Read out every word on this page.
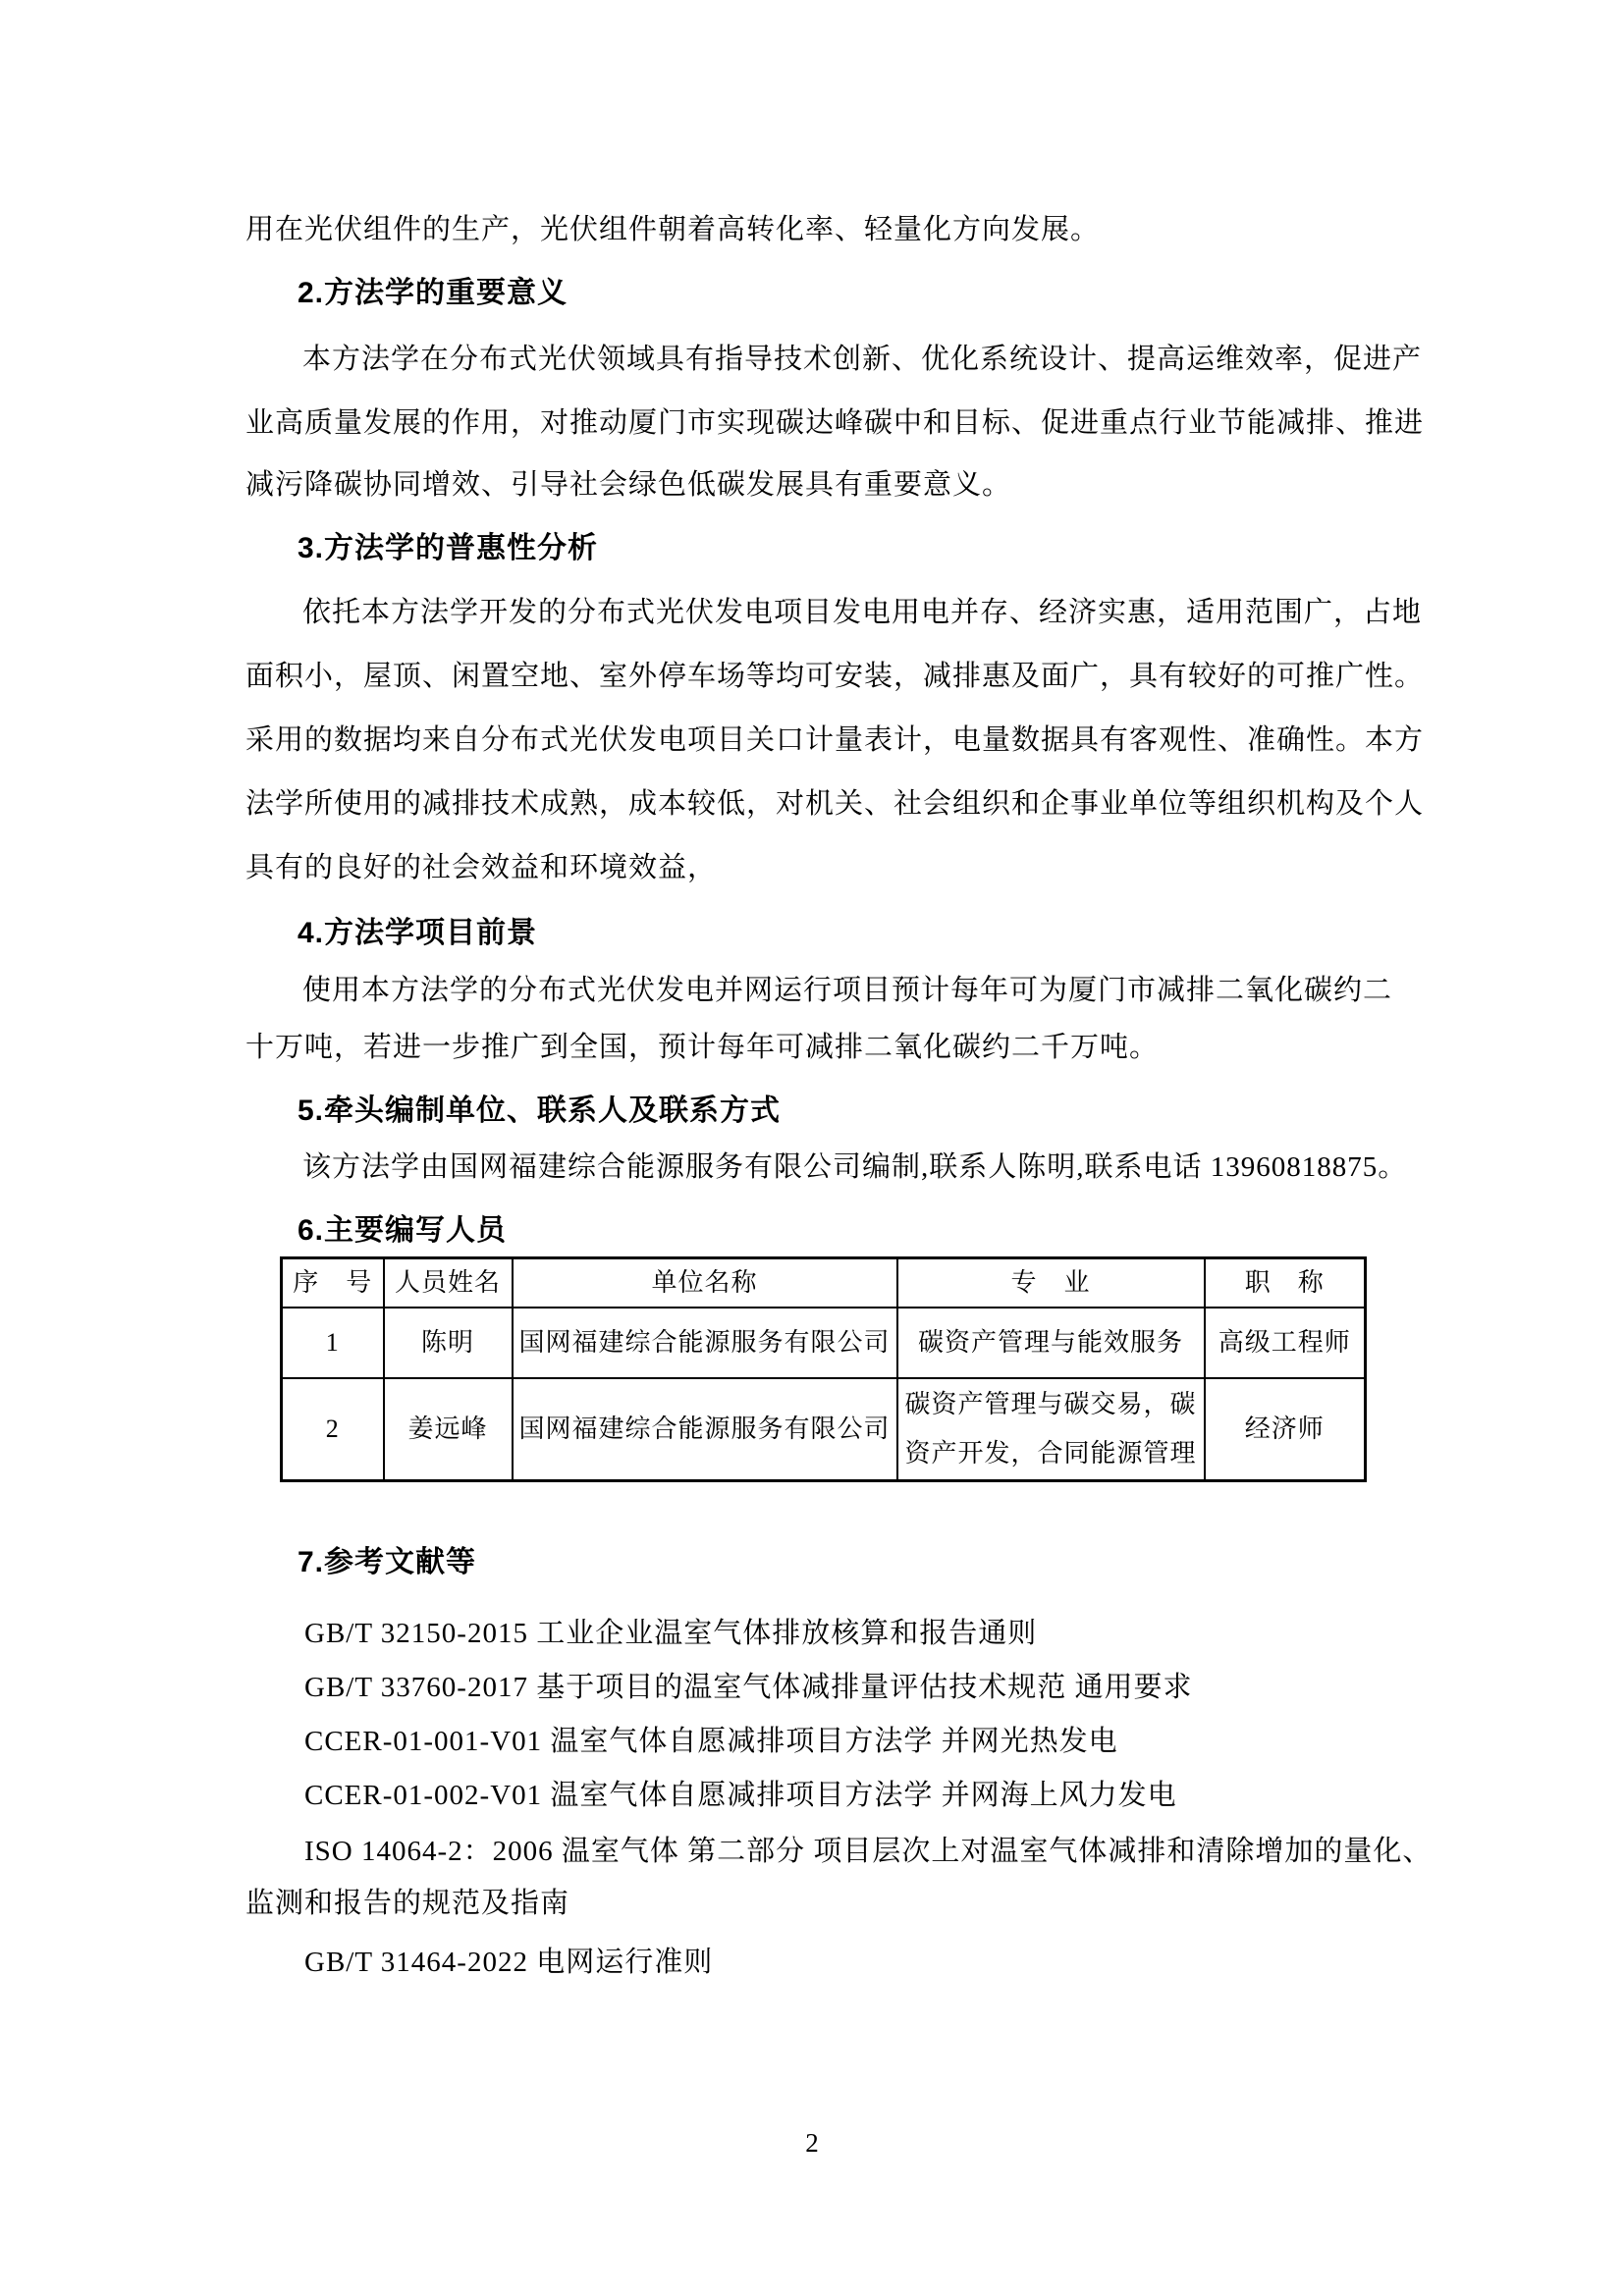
用在光伏组件的生产，光伏组件朝着高转化率、轻量化方向发展。
2.方法学的重要意义
本方法学在分布式光伏领域具有指导技术创新、优化系统设计、提高运维效率，促进产
业高质量发展的作用，对推动厦门市实现碳达峰碳中和目标、促进重点行业节能减排、推进
减污降碳协同增效、引导社会绿色低碳发展具有重要意义。
3.方法学的普惠性分析
依托本方法学开发的分布式光伏发电项目发电用电并存、经济实惠，适用范围广，占地
面积小，屋顶、闲置空地、室外停车场等均可安装，减排惠及面广，具有较好的可推广性。
采用的数据均来自分布式光伏发电项目关口计量表计，电量数据具有客观性、准确性。本方
法学所使用的减排技术成熟，成本较低，对机关、社会组织和企事业单位等组织机构及个人
具有的良好的社会效益和环境效益，
4.方法学项目前景
使用本方法学的分布式光伏发电并网运行项目预计每年可为厦门市减排二氧化碳约二
十万吨，若进一步推广到全国，预计每年可减排二氧化碳约二千万吨。
5.牵头编制单位、联系人及联系方式
该方法学由国网福建综合能源服务有限公司编制,联系人陈明,联系电话 13960818875。
6.主要编写人员
序　号	人员姓名	单位名称	专　业	职　称
1	陈明	国网福建综合能源服务有限公司	碳资产管理与能效服务	高级工程师
2	姜远峰	国网福建综合能源服务有限公司	碳资产管理与碳交易，碳资产开发，合同能源管理	经济师
7.参考文献等
GB/T 32150-2015 工业企业温室气体排放核算和报告通则
GB/T 33760-2017 基于项目的温室气体减排量评估技术规范 通用要求
CCER-01-001-V01 温室气体自愿减排项目方法学 并网光热发电
CCER-01-002-V01 温室气体自愿减排项目方法学 并网海上风力发电
ISO 14064-2：2006 温室气体 第二部分 项目层次上对温室气体减排和清除增加的量化、
监测和报告的规范及指南
GB/T 31464-2022 电网运行准则
2
